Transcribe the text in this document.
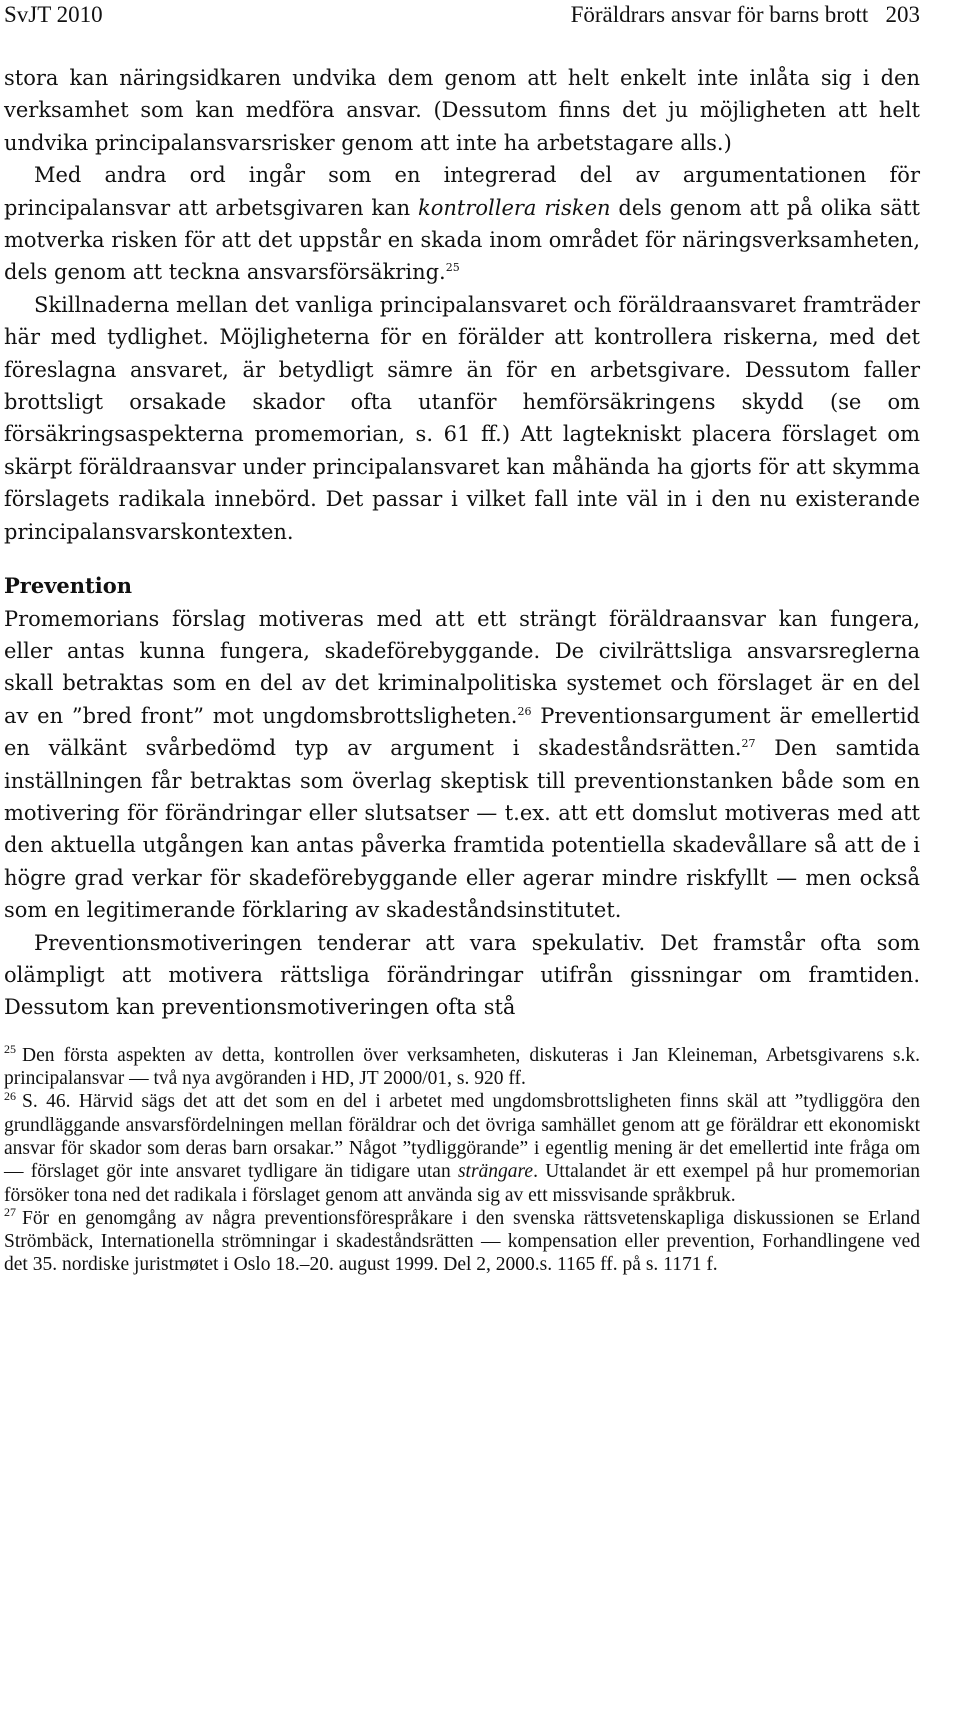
SvJT 2010	Föräldrars ansvar för barns brott   203

stora kan näringsidkaren undvika dem genom att helt enkelt inte inlåta sig i den verksamhet som kan medföra ansvar. (Dessutom finns det ju möjligheten att helt undvika principalansvarsrisker genom att inte ha arbetstagare alls.)

Med andra ord ingår som en integrerad del av argumentationen för principalansvar att arbetsgivaren kan kontrollera risken dels genom att på olika sätt motverka risken för att det uppstår en skada inom området för näringsverksamheten, dels genom att teckna ansvarsförsäkring.$^{25}$

Skillnaderna mellan det vanliga principalansvaret och föräldraansvaret framträder här med tydlighet. Möjligheterna för en förälder att kontrollera riskerna, med det föreslagna ansvaret, är betydligt sämre än för en arbetsgivare. Dessutom faller brottsligt orsakade skador ofta utanför hemförsäkringens skydd (se om försäkringsaspekterna promemorian, s. 61 ff.) Att lagtekniskt placera förslaget om skärpt föräldraansvar under principalansvaret kan måhända ha gjorts för att skymma förslagets radikala innebörd. Det passar i vilket fall inte väl in i den nu existerande principalansvarskontexten.

Prevention

Promemorians förslag motiveras med att ett strängt föräldraansvar kan fungera, eller antas kunna fungera, skadeförebyggande. De civilrättsliga ansvarsreglerna skall betraktas som en del av det kriminalpolitiska systemet och förslaget är en del av en ”bred front” mot ungdomsbrottsligheten.$^{26}$ Preventionsargument är emellertid en välkänt svårbedömd typ av argument i skadeståndsrätten.$^{27}$ Den samtida inställningen får betraktas som överlag skeptisk till preventionstanken både som en motivering för förändringar eller slutsatser — t.ex. att ett domslut motiveras med att den aktuella utgången kan antas påverka framtida potentiella skadevållare så att de i högre grad verkar för skadeförebyggande eller agerar mindre riskfyllt — men också som en legitimerande förklaring av skadeståndsinstitutet.

Preventionsmotiveringen tenderar att vara spekulativ. Det framstår ofta som olämpligt att motivera rättsliga förändringar utifrån gissningar om framtiden. Dessutom kan preventionsmotiveringen ofta stå

$^{25}$ Den första aspekten av detta, kontrollen över verksamheten, diskuteras i Jan Kleineman, Arbetsgivarens s.k. principalansvar — två nya avgöranden i HD, JT 2000/01, s. 920 ff.

$^{26}$ S. 46. Härvid sägs det att det som en del i arbetet med ungdomsbrottsligheten finns skäl att ”tydliggöra den grundläggande ansvarsfördelningen mellan föräldrar och det övriga samhället genom att ge föräldrar ett ekonomiskt ansvar för skador som deras barn orsakar.” Något ”tydliggörande” i egentlig mening är det emellertid inte fråga om — förslaget gör inte ansvaret tydligare än tidigare utan strängare. Uttalandet är ett exempel på hur promemorian försöker tona ned det radikala i förslaget genom att använda sig av ett missvisande språkbruk.

$^{27}$ För en genomgång av några preventionsförespråkare i den svenska rättsvetenskapliga diskussionen se Erland Strömbäck, Internationella strömningar i skadeståndsrätten — kompensation eller prevention, Forhandlingene ved det 35. nordiske juristmøtet i Oslo 18.–20. august 1999. Del 2, 2000.s. 1165 ff. på s. 1171 f.
